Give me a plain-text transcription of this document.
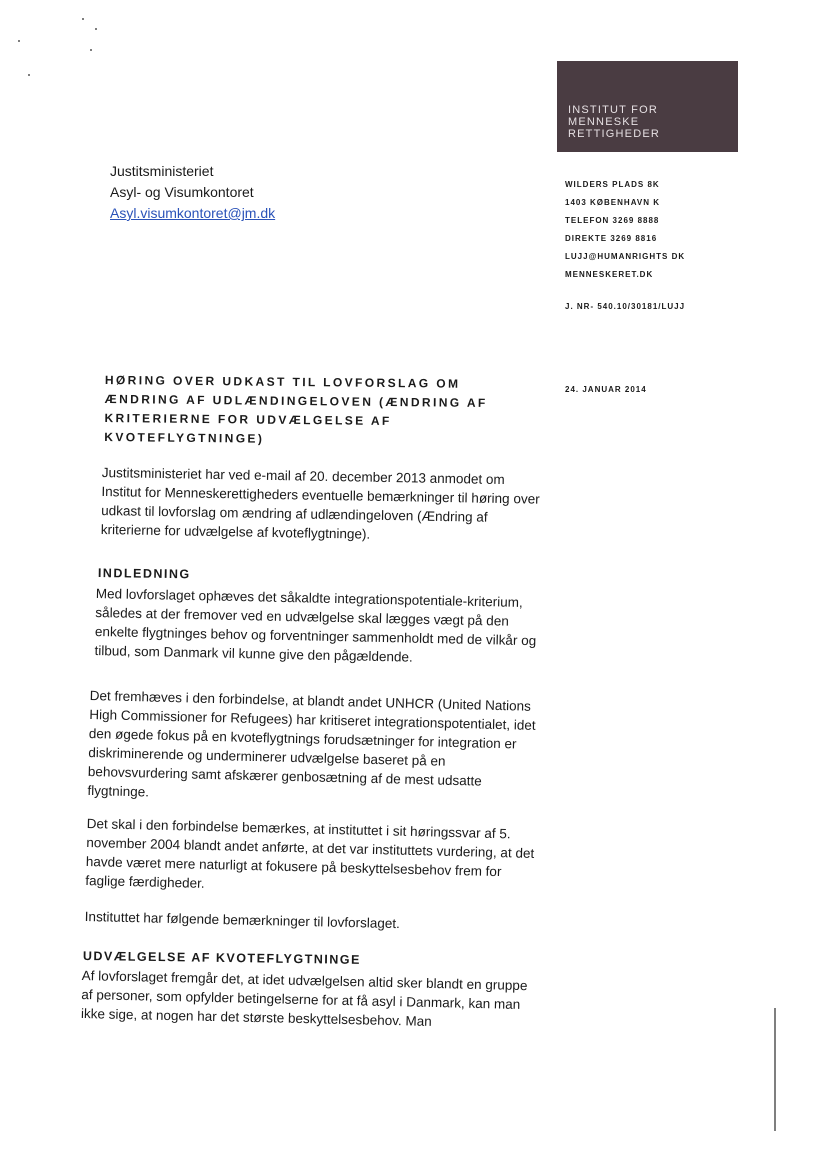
INSTITUT FOR
MENNESKE
RETTIGHEDER
Justitsministeriet
Asyl- og Visumkontoret
Asyl.visumkontoret@jm.dk
WILDERS PLADS 8K
1403 KØBENHAVN K
TELEFON 3269 8888
DIREKTE 3269 8816
LUJJ@HUMANRIGHTS DK
MENNESKERET.DK
J. NR- 540.10/30181/LUJJ
24. JANUAR 2014
HØRING OVER UDKAST TIL LOVFORSLAG OM ÆNDRING AF UDLÆNDINGELOVEN (ÆNDRING AF KRITERIERNE FOR UDVÆLGELSE AF KVOTEFLYGTNINGE)
Justitsministeriet har ved e-mail af 20. december 2013 anmodet om Institut for Menneskerettigheders eventuelle bemærkninger til høring over udkast til lovforslag om ændring af udlændingeloven (Ændring af kriterierne for udvælgelse af kvoteflygtninge).
INDLEDNING
Med lovforslaget ophæves det såkaldte integrationspotentiale-kriterium, således at der fremover ved en udvælgelse skal lægges vægt på den enkelte flygtninges behov og forventninger sammenholdt med de vilkår og tilbud, som Danmark vil kunne give den pågældende.
Det fremhæves i den forbindelse, at blandt andet UNHCR (United Nations High Commissioner for Refugees) har kritiseret integrationspotentialet, idet den øgede fokus på en kvoteflygtnings forudsætninger for integration er diskriminerende og underminerer udvælgelse baseret på en behovsvurdering samt afskærer genbosætning af de mest udsatte flygtninge.
Det skal i den forbindelse bemærkes, at instituttet i sit høringssvar af 5. november 2004 blandt andet anførte, at det var instituttets vurdering, at det havde været mere naturligt at fokusere på beskyttelsesbehov frem for faglige færdigheder.
Instituttet har følgende bemærkninger til lovforslaget.
UDVÆLGELSE AF KVOTEFLYGTNINGE
Af lovforslaget fremgår det, at idet udvælgelsen altid sker blandt en gruppe af personer, som opfylder betingelserne for at få asyl i Danmark, kan man ikke sige, at nogen har det største beskyttelsesbehov. Man
